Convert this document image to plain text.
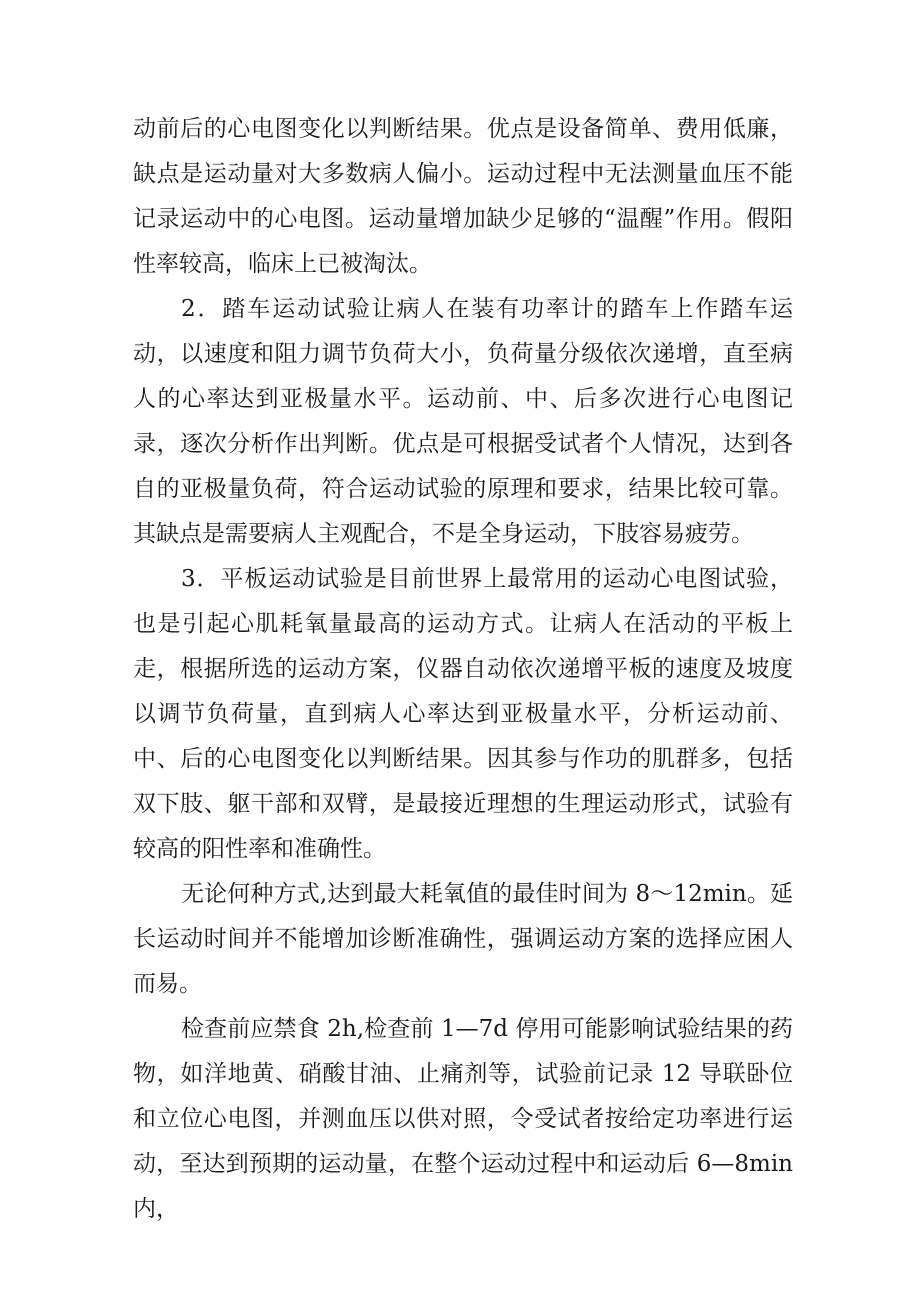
动前后的心电图变化以判断结果。优点是设备简单、费用低廉，缺点是运动量对大多数病人偏小。运动过程中无法测量血压不能记录运动中的心电图。运动量增加缺少足够的“温醒”作用。假阳性率较高，临床上已被淘汰。

2．踏车运动试验让病人在装有功率计的踏车上作踏车运动，以速度和阻力调节负荷大小，负荷量分级依次递增，直至病人的心率达到亚极量水平。运动前、中、后多次进行心电图记录，逐次分析作出判断。优点是可根据受试者个人情况，达到各自的亚极量负荷，符合运动试验的原理和要求，结果比较可靠。其缺点是需要病人主观配合，不是全身运动，下肢容易疲劳。

3．平板运动试验是目前世界上最常用的运动心电图试验，也是引起心肌耗氧量最高的运动方式。让病人在活动的平板上走，根据所选的运动方案，仪器自动依次递增平板的速度及坡度以调节负荷量，直到病人心率达到亚极量水平，分析运动前、中、后的心电图变化以判断结果。因其参与作功的肌群多，包括双下肢、躯干部和双臂，是最接近理想的生理运动形式，试验有较高的阳性率和准确性。

无论何种方式,达到最大耗氧值的最佳时间为 8～12min。延长运动时间并不能增加诊断准确性，强调运动方案的选择应困人而易。

检查前应禁食 2h,检查前 1—7d 停用可能影响试验结果的药物，如洋地黄、硝酸甘油、止痛剂等，试验前记录 12 导联卧位和立位心电图，并测血压以供对照，令受试者按给定功率进行运动，至达到预期的运动量，在整个运动过程中和运动后 6—8min 内，
